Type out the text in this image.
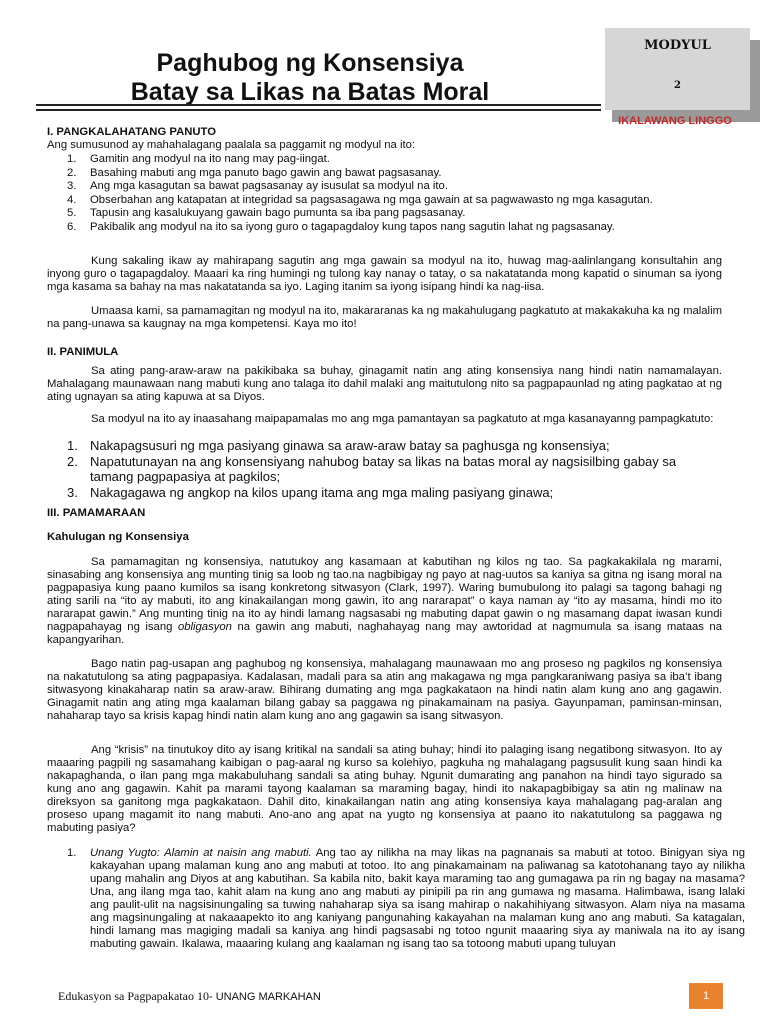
Paghubog ng Konsensiya
Batay sa Likas na Batas Moral
MODYUL
2
IKALAWANG LINGGO
I. PANGKALAHATANG PANUTO
Ang sumusunod ay mahahalagang paalala sa paggamit ng modyul na ito:
1. Gamitin ang modyul na ito nang may pag-iingat.
2. Basahing mabuti ang mga panuto bago gawin ang bawat pagsasanay.
3. Ang mga kasagutan sa bawat pagsasanay ay isusulat sa modyul na ito.
4. Obserbahan ang katapatan at integridad sa pagsasagawa ng mga gawain at sa pagwawasto ng mga kasagutan.
5. Tapusin ang kasalukuyang gawain bago pumunta sa iba pang pagsasanay.
6. Pakibalik ang modyul na ito sa iyong guro o tagapagdaloy kung tapos nang sagutin lahat ng pagsasanay.

Kung sakaling ikaw ay mahirapang sagutin ang mga gawain sa modyul na ito, huwag mag-aalinlangang konsultahin ang inyong guro o tagapagdaloy. Maaari ka ring humingi ng tulong kay nanay o tatay, o sa nakatatanda mong kapatid o sinuman sa iyong mga kasama sa bahay na mas nakatatanda sa iyo. Laging itanim sa iyong isipang hindi ka nag-iisa.

Umaasa kami, sa pamamagitan ng modyul na ito, makararanas ka ng makahulugang pagkatuto at makakakuha ka ng malalim na pang-unawa sa kaugnay na mga kompetensi. Kaya mo ito!

II. PANIMULA

Sa ating pang-araw-araw na pakikibaka sa buhay, ginagamit natin ang ating konsensiya nang hindi natin namamalayan. Mahalagang maunawaan nang mabuti kung ano talaga ito dahil malaki ang maitutulong nito sa pagpapaunlad ng ating pagkatao at ng ating ugnayan sa ating kapuwa at sa Diyos.

Sa modyul na ito ay inaasahang maipapamalas mo ang mga pamantayan sa pagkatuto at mga kasanayanng pampagkatuto:

1. Nakapagsusuri ng mga pasiyang ginawa sa araw-araw batay sa paghusga ng konsensiya;
2. Napatutunayan na ang konsensiyang nahubog batay sa likas na batas moral ay nagsisilbing gabay sa tamang pagpapasiya at pagkilos;
3. Nakagagawa ng angkop na kilos upang itama ang mga maling pasiyang ginawa;
III. PAMAMARAAN
Kahulugan ng Konsensiya

Sa pamamagitan ng konsensiya, natutukoy ang kasamaan at kabutihan ng kilos ng tao. Sa pagkakakilala ng marami, sinasabing ang konsensiya ang munting tinig sa loob ng tao.na nagbibigay ng payo at nag-uutos sa kaniya sa gitna ng isang moral na pagpapasiya kung paano kumilos sa isang konkretong sitwasyon (Clark, 1997). Waring bumubulong ito palagi sa tagong bahagi ng ating sarili na “ito ay mabuti, ito ang kinakailangan mong gawin, ito ang nararapat” o kaya naman ay “ito ay masama, hindi mo ito nararapat gawin.” Ang munting tinig na ito ay hindi lamang nagsasabi ng mabuting dapat gawin o ng masamang dapat iwasan kundi nagpapahayag ng isang obligasyon na gawin ang mabuti, naghahayag nang may awtoridad at nagmumula sa isang mataas na kapangyarihan.

Bago natin pag-usapan ang paghubog ng konsensiya, mahalagang maunawaan mo ang proseso ng pagkilos ng konsensiya na nakatutulong sa ating pagpapasiya. Kadalasan, madali para sa atin ang makagawa ng mga pangkaraniwang pasiya sa iba’t ibang sitwasyong kinakaharap natin sa araw-araw. Bihirang dumating ang mga pagkakataon na hindi natin alam kung ano ang gagawin. Ginagamit natin ang ating mga kaalaman bilang gabay sa paggawa ng pinakamainam na pasiya. Gayunpaman, paminsan-minsan, nahaharap tayo sa krisis kapag hindi natin alam kung ano ang gagawin sa isang sitwasyon.

Ang “krisis” na tinutukoy dito ay isang kritikal na sandali sa ating buhay; hindi ito palaging isang negatibong sitwasyon. Ito ay maaaring pagpili ng sasamahang kaibigan o pag-aaral ng kurso sa kolehiyo, pagkuha ng mahalagang pagsusulit kung saan hindi ka nakapaghanda, o ilan pang mga makabuluhang sandali sa ating buhay. Ngunit dumarating ang panahon na hindi tayo sigurado sa kung ano ang gagawin. Kahit pa marami tayong kaalaman sa maraming bagay, hindi ito nakapagbibigay sa atin ng malinaw na direksyon sa ganitong mga pagkakataon. Dahil dito, kinakailangan natin ang ating konsensiya kaya mahalagang pag-aralan ang proseso upang magamit ito nang mabuti. Ano-ano ang apat na yugto ng konsensiya at paano ito nakatutulong sa paggawa ng mabuting pasiya?

1. Unang Yugto: Alamin at naisin ang mabuti. Ang tao ay nilikha na may likas na pagnanais sa mabuti at totoo. Binigyan siya ng kakayahan upang malaman kung ano ang mabuti at totoo. Ito ang pinakamainam na paliwanag sa katotohanang tayo ay nilikha upang mahalin ang Diyos at ang kabutihan. Sa kabila nito, bakit kaya maraming tao ang gumagawa pa rin ng bagay na masama? Una, ang ilang mga tao, kahit alam na kung ano ang mabuti ay pinipili pa rin ang gumawa ng masama. Halimbawa, isang lalaki ang paulit-ulit na nagsisinungaling sa tuwing nahaharap siya sa isang mahirap o nakahihiyang sitwasyon. Alam niya na masama ang magsinungaling at nakaaapekto ito ang kaniyang pangunahing kakayahan na malaman kung ano ang mabuti. Sa katagalan, hindi lamang mas magiging madali sa kaniya ang hindi pagsasabi ng totoo ngunit maaaring siya ay maniwala na ito ay isang mabuting gawain. Ikalawa, maaaring kulang ang kaalaman ng isang tao sa totoong mabuti upang tuluyan

Edukasyon sa Pagpapakatao 10- UNANG MARKAHAN	1
